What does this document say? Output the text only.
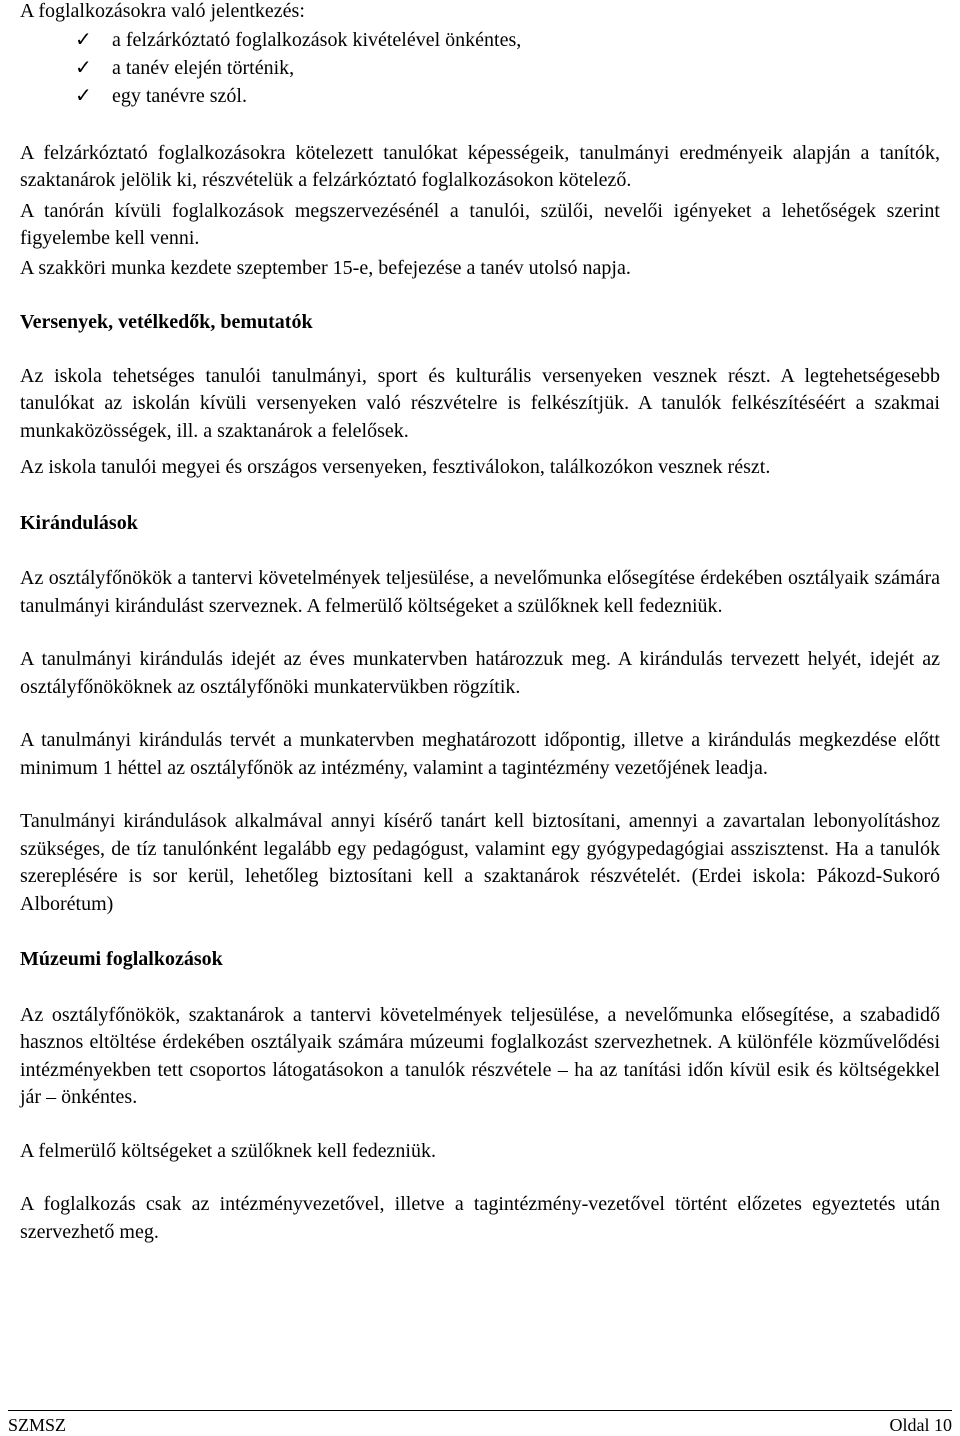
A foglalkozásokra való jelentkezés:

✓ a felzárkóztató foglalkozások kivételével önkéntes,
✓ a tanév elején történik,
✓ egy tanévre szól.

A felzárkóztató foglalkozásokra kötelezett tanulókat képességeik, tanulmányi eredményeik alapján a tanítók, szaktanárok jelölik ki, részvételük a felzárkóztató foglalkozásokon kötelező.

A tanórán kívüli foglalkozások megszervezésénél a tanulói, szülői, nevelői igényeket a lehetőségek szerint figyelembe kell venni.

A szakköri munka kezdete szeptember 15-e, befejezése a tanév utolsó napja.

Versenyek, vetélkedők, bemutatók

Az iskola tehetséges tanulói tanulmányi, sport és kulturális versenyeken vesznek részt. A legtehetségesebb tanulókat az iskolán kívüli versenyeken való részvételre is felkészítjük. A tanulók felkészítéséért a szakmai munkaközösségek, ill. a szaktanárok a felelősek.

Az iskola tanulói megyei és országos versenyeken, fesztiválokon, találkozókon vesznek részt.

Kirándulások

Az osztályfőnökök a tantervi követelmények teljesülése, a nevelőmunka elősegítése érdekében osztályaik számára tanulmányi kirándulást szerveznek. A felmerülő költségeket a szülőknek kell fedezniük.

A tanulmányi kirándulás idejét az éves munkatervben határozzuk meg. A kirándulás tervezett helyét, idejét az osztályfőnököknek az osztályfőnöki munkatervükben rögzítik.

A tanulmányi kirándulás tervét a munkatervben meghatározott időpontig, illetve a kirándulás megkezdése előtt minimum 1 héttel az osztályfőnök az intézmény, valamint a tagintézmény vezetőjének leadja.

Tanulmányi kirándulások alkalmával annyi kísérő tanárt kell biztosítani, amennyi a zavartalan lebonyolításhoz szükséges, de tíz tanulónként legalább egy pedagógust, valamint egy gyógypedagógiai asszisztenst. Ha a tanulók szereplésére is sor kerül, lehetőleg biztosítani kell a szaktanárok részvételét. (Erdei iskola: Pákozd-Sukoró Alborétum)

Múzeumi foglalkozások

Az osztályfőnökök, szaktanárok a tantervi követelmények teljesülése, a nevelőmunka elősegítése, a szabadidő hasznos eltöltése érdekében osztályaik számára múzeumi foglalkozást szervezhetnek. A különféle közművelődési intézményekben tett csoportos látogatásokon a tanulók részvétele – ha az tanítási időn kívül esik és költségekkel jár – önkéntes.

A felmerülő költségeket a szülőknek kell fedezniük.

A foglalkozás csak az intézményvezetővel, illetve a tagintézmény-vezetővel történt előzetes egyeztetés után szervezhető meg.

SZMSZ	Oldal 10
